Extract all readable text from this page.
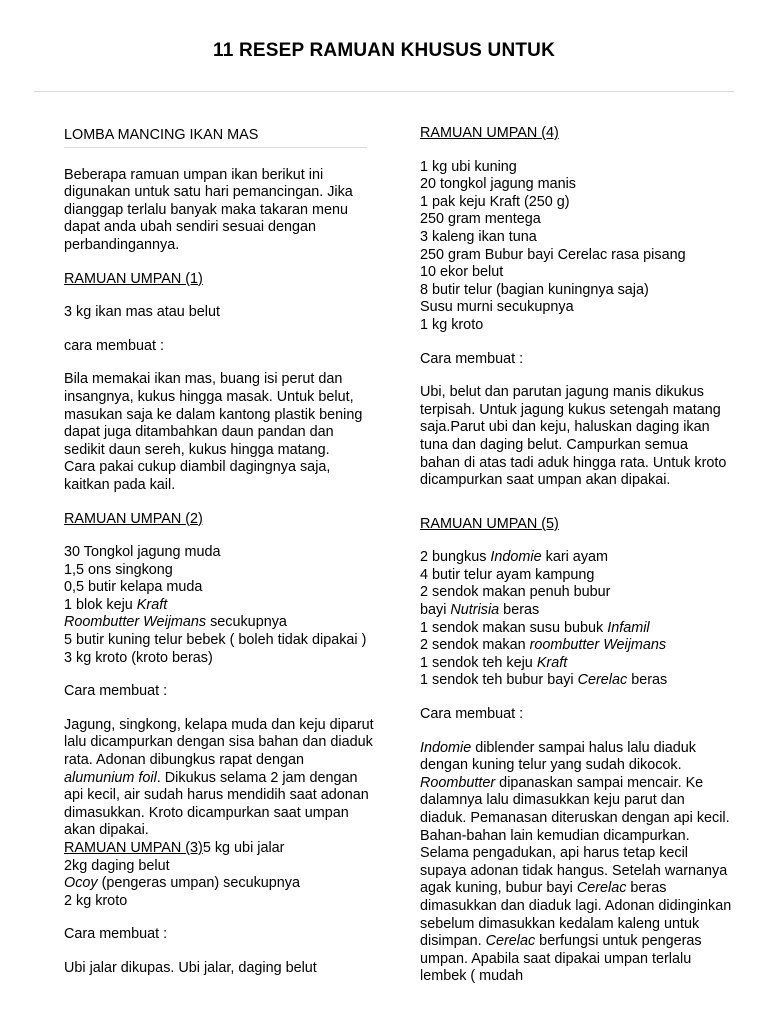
11 RESEP RAMUAN KHUSUS UNTUK

LOMBA MANCING IKAN MAS

Beberapa ramuan umpan ikan berikut ini digunakan untuk satu hari pemancingan. Jika dianggap terlalu banyak maka takaran menu dapat anda ubah sendiri sesuai dengan perbandingannya.

RAMUAN UMPAN (1)

3 kg ikan mas atau belut

cara membuat :

Bila memakai ikan mas, buang isi perut dan insangnya, kukus hingga masak. Untuk belut, masukan saja ke dalam kantong plastik bening dapat juga ditambahkan daun pandan dan sedikit daun sereh, kukus hingga matang.

Cara pakai cukup diambil dagingnya saja, kaitkan pada kail.

RAMUAN UMPAN (2)

30 Tongkol jagung muda
1,5 ons singkong
0,5 butir kelapa muda
1 blok keju Kraft
Roombutter Weijmans secukupnya
5 butir kuning telur bebek ( boleh tidak dipakai )
3 kg kroto (kroto beras)

Cara membuat :

Jagung, singkong, kelapa muda dan keju diparut lalu dicampurkan dengan sisa bahan dan diaduk rata. Adonan dibungkus rapat dengan alumunium foil. Dikukus selama 2 jam dengan api kecil, air sudah harus mendidih saat adonan dimasukkan. Kroto dicampurkan saat umpan akan dipakai.

RAMUAN UMPAN (3)5 kg ubi jalar
2kg daging belut
Ocoy (pengeras umpan) secukupnya
2 kg kroto

Cara membuat :

Ubi jalar dikupas. Ubi jalar, daging belut

RAMUAN UMPAN (4)

1 kg ubi kuning
20 tongkol jagung manis
1 pak keju Kraft (250 g)
250 gram mentega
3 kaleng ikan tuna
250 gram Bubur bayi Cerelac rasa pisang
10 ekor belut
8 butir telur (bagian kuningnya saja)
Susu murni secukupnya
1 kg kroto

Cara membuat :

Ubi, belut dan parutan jagung manis dikukus terpisah. Untuk jagung kukus setengah matang saja.Parut ubi dan keju, haluskan daging ikan tuna dan daging belut. Campurkan semua bahan di atas tadi aduk hingga rata. Untuk kroto dicampurkan saat umpan akan dipakai.

RAMUAN UMPAN (5)

2 bungkus Indomie kari ayam
4 butir telur ayam kampung
2 sendok makan penuh bubur
bayi Nutrisia beras
1 sendok makan susu bubuk Infamil
2 sendok makan roombutter Weijmans
1 sendok teh keju Kraft
1 sendok teh bubur bayi Cerelac beras

Cara membuat :

Indomie diblender sampai halus lalu diaduk dengan kuning telur yang sudah dikocok. Roombutter dipanaskan sampai mencair. Ke dalamnya lalu dimasukkan keju parut dan diaduk. Pemanasan diteruskan dengan api kecil. Bahan-bahan lain kemudian dicampurkan. Selama pengadukan, api harus tetap kecil supaya adonan tidak hangus. Setelah warnanya agak kuning, bubur bayi Cerelac beras dimasukkan dan diaduk lagi. Adonan didinginkan sebelum dimasukkan kedalam kaleng untuk disimpan. Cerelac berfungsi untuk pengeras umpan. Apabila saat dipakai umpan terlalu lembek ( mudah
